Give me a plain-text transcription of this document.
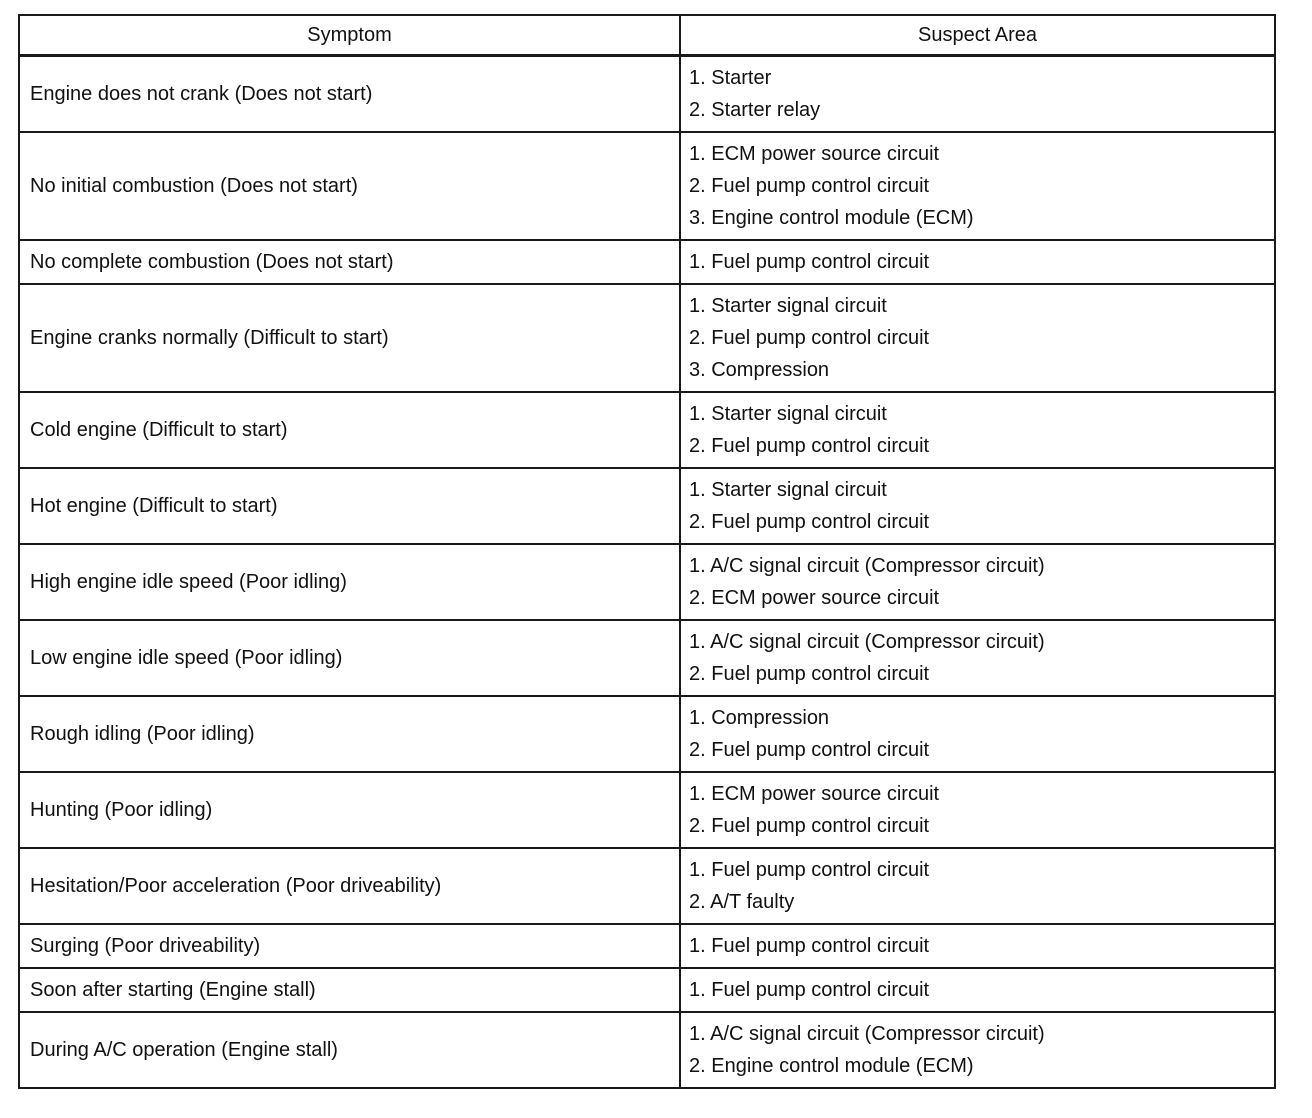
Symptom	Suspect Area
Engine does not crank (Does not start)	1. Starter
2. Starter relay

No initial combustion (Does not start)	1. ECM power source circuit
2. Fuel pump control circuit
3. Engine control module (ECM)

No complete combustion (Does not start)	1. Fuel pump control circuit

Engine cranks normally (Difficult to start)	1. Starter signal circuit
2. Fuel pump control circuit
3. Compression

Cold engine (Difficult to start)	1. Starter signal circuit
2. Fuel pump control circuit

Hot engine (Difficult to start)	1. Starter signal circuit
2. Fuel pump control circuit

High engine idle speed (Poor idling)	1. A/C signal circuit (Compressor circuit)
2. ECM power source circuit

Low engine idle speed (Poor idling)	1. A/C signal circuit (Compressor circuit)
2. Fuel pump control circuit

Rough idling (Poor idling)	1. Compression
2. Fuel pump control circuit

Hunting (Poor idling)	1. ECM power source circuit
2. Fuel pump control circuit

Hesitation/Poor acceleration (Poor driveability)	1. Fuel pump control circuit
2. A/T faulty

Surging (Poor driveability)	1. Fuel pump control circuit

Soon after starting (Engine stall)	1. Fuel pump control circuit

During A/C operation (Engine stall)	1. A/C signal circuit (Compressor circuit)
2. Engine control module (ECM)
